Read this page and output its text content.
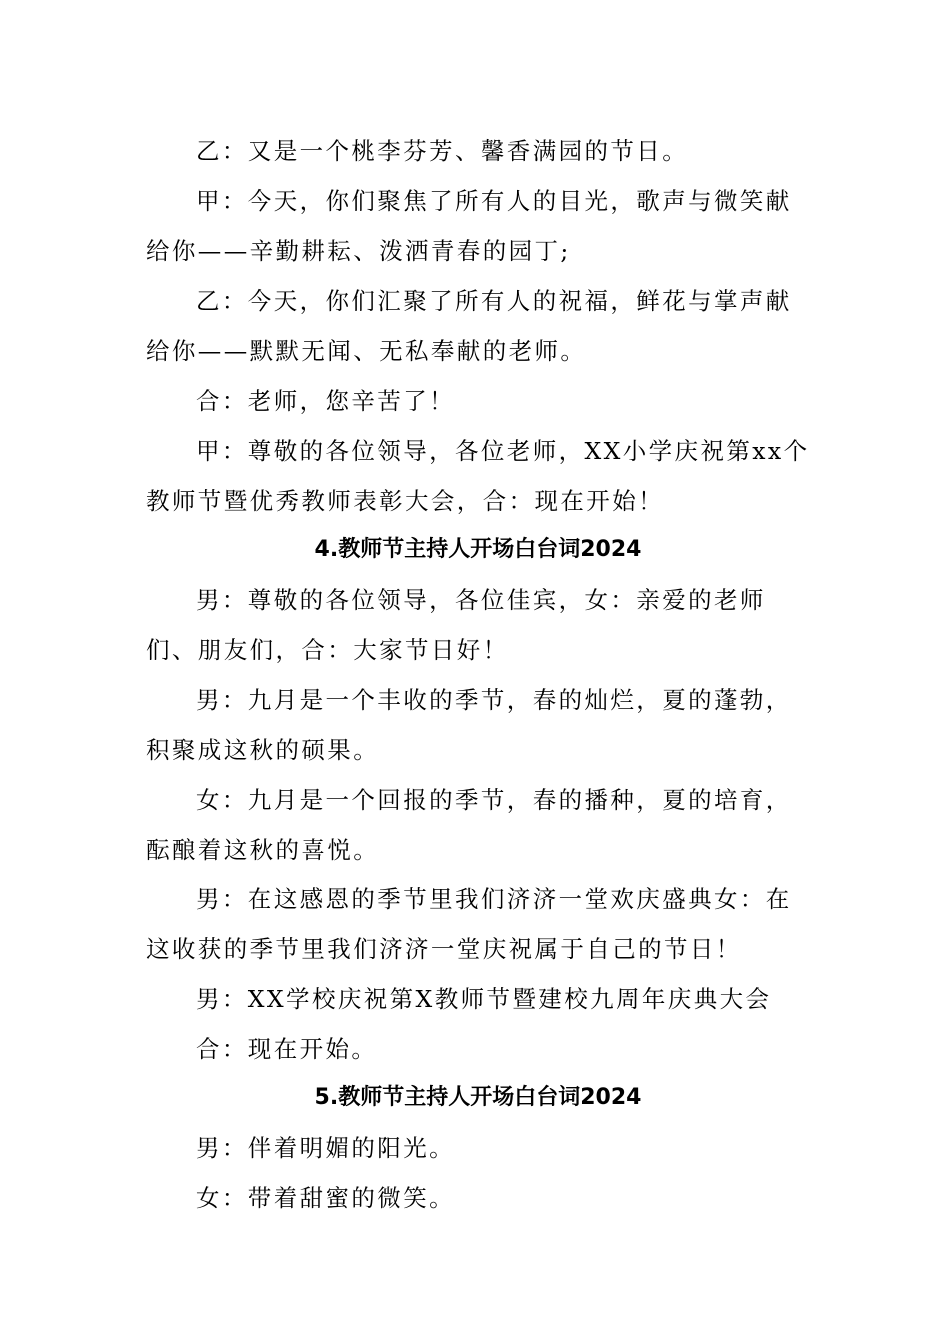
乙：又是一个桃李芬芳、馨香满园的节日。

甲：今天，你们聚焦了所有人的目光，歌声与微笑献给你——辛勤耕耘、泼洒青春的园丁;

乙：今天，你们汇聚了所有人的祝福，鲜花与掌声献给你——默默无闻、无私奉献的老师。

合：老师，您辛苦了！

甲：尊敬的各位领导，各位老师，XX小学庆祝第xx个教师节暨优秀教师表彰大会，合：现在开始！

4.教师节主持人开场白台词2024

男：尊敬的各位领导，各位佳宾，女：亲爱的老师们、朋友们，合：大家节日好！

男：九月是一个丰收的季节，春的灿烂，夏的蓬勃，积聚成这秋的硕果。

女：九月是一个回报的季节，春的播种，夏的培育，酝酿着这秋的喜悦。

男：在这感恩的季节里我们济济一堂欢庆盛典女：在这收获的季节里我们济济一堂庆祝属于自己的节日！

男：XX学校庆祝第X教师节暨建校九周年庆典大会

合：现在开始。

5.教师节主持人开场白台词2024

男：伴着明媚的阳光。

女：带着甜蜜的微笑。
